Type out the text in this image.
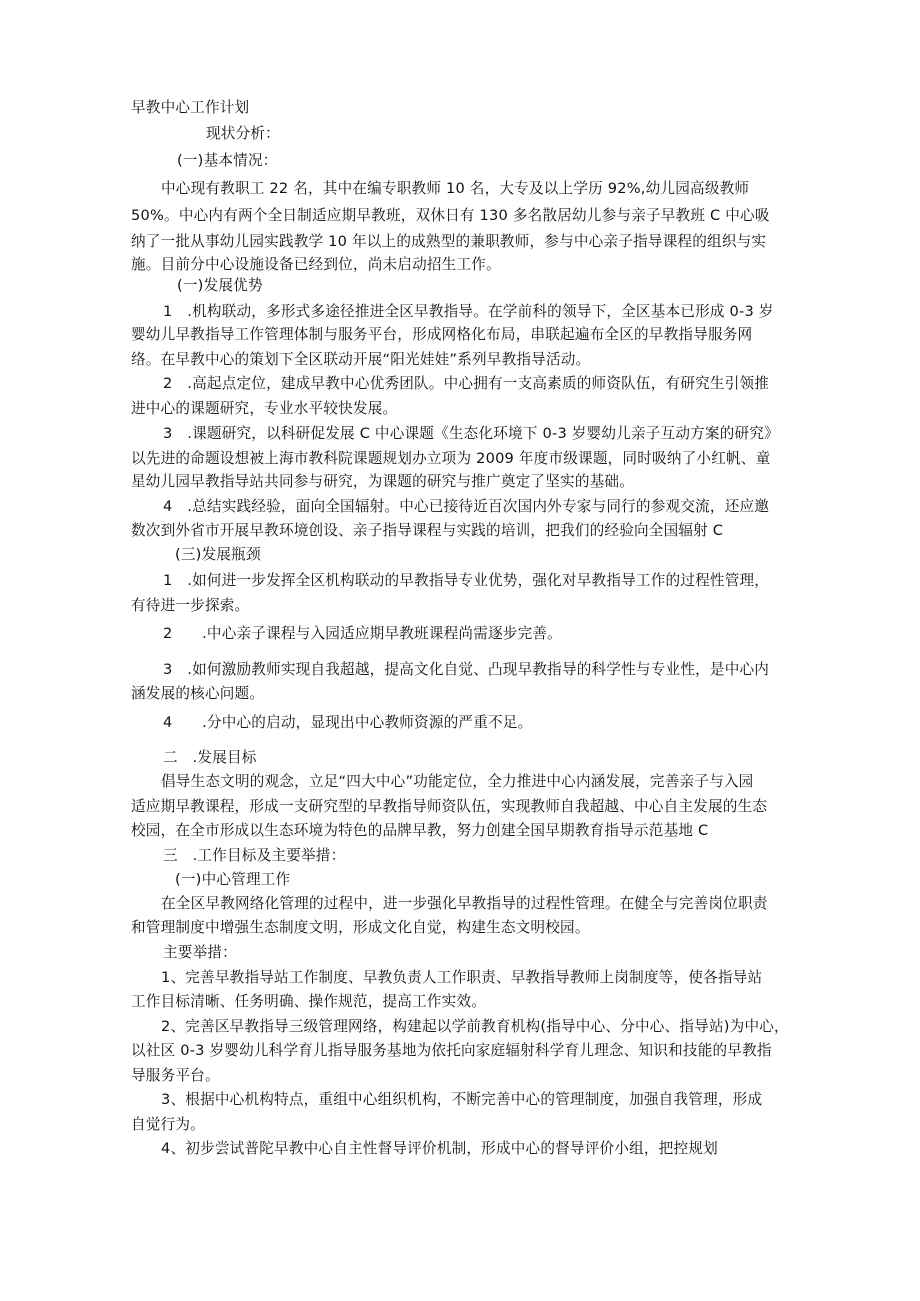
早教中心工作计划
现状分析：
(一)基本情况：
中心现有教职工 22 名，其中在编专职教师 10 名，大专及以上学历 92%,幼儿园高级教师
50%。中心内有两个全日制适应期早教班，双休日有 130 多名散居幼儿参与亲子早教班 C 中心吸
纳了一批从事幼儿园实践教学 10 年以上的成熟型的兼职教师，参与中心亲子指导课程的组织与实
施。目前分中心设施设备已经到位，尚未启动招生工作。
(一)发展优势
1　.机构联动，多形式多途径推进全区早教指导。在学前科的领导下，全区基本已形成 0-3 岁
婴幼儿早教指导工作管理体制与服务平台，形成网格化布局，串联起遍布全区的早教指导服务网
络。在早教中心的策划下全区联动开展“阳光娃娃”系列早教指导活动。
2　.高起点定位，建成早教中心优秀团队。中心拥有一支高素质的师资队伍，有研究生引领推
进中心的课题研究，专业水平较快发展。
3　.课题研究，以科研促发展 C 中心课题《生态化环境下 0-3 岁婴幼儿亲子互动方案的研究》
以先进的命题设想被上海市教科院课题规划办立项为 2009 年度市级课题，同时吸纳了小红帆、童
星幼儿园早教指导站共同参与研究，为课题的研究与推广奠定了坚实的基础。
4　.总结实践经验，面向全国辐射。中心已接待近百次国内外专家与同行的参观交流，还应邀
数次到外省市开展早教环境创设、亲子指导课程与实践的培训，把我们的经验向全国辐射 C
(三)发展瓶颈
1　.如何进一步发挥全区机构联动的早教指导专业优势，强化对早教指导工作的过程性管理，
有待进一步探索。
2　　.中心亲子课程与入园适应期早教班课程尚需逐步完善。
3　.如何激励教师实现自我超越，提高文化自觉、凸现早教指导的科学性与专业性，是中心内
涵发展的核心问题。
4　　.分中心的启动，显现出中心教师资源的严重不足。
二　.发展目标
倡导生态文明的观念，立足“四大中心”功能定位，全力推进中心内涵发展，完善亲子与入园
适应期早教课程，形成一支研究型的早教指导师资队伍，实现教师自我超越、中心自主发展的生态
校园，在全市形成以生态环境为特色的品牌早教，努力创建全国早期教育指导示范基地 C
三　.工作目标及主要举措：
(一)中心管理工作
在全区早教网络化管理的过程中，进一步强化早教指导的过程性管理。在健全与完善岗位职责
和管理制度中增强生态制度文明，形成文化自觉，构建生态文明校园。
主要举措：
1、完善早教指导站工作制度、早教负责人工作职责、早教指导教师上岗制度等，使各指导站
工作目标清晰、任务明确、操作规范，提高工作实效。
2、完善区早教指导三级管理网络，构建起以学前教育机构(指导中心、分中心、指导站)为中心，
以社区 0-3 岁婴幼儿科学育儿指导服务基地为依托向家庭辐射科学育儿理念、知识和技能的早教指
导服务平台。
3、根据中心机构特点，重组中心组织机构，不断完善中心的管理制度，加强自我管理，形成
自觉行为。
4、初步尝试普陀早教中心自主性督导评价机制，形成中心的督导评价小组，把控规划
